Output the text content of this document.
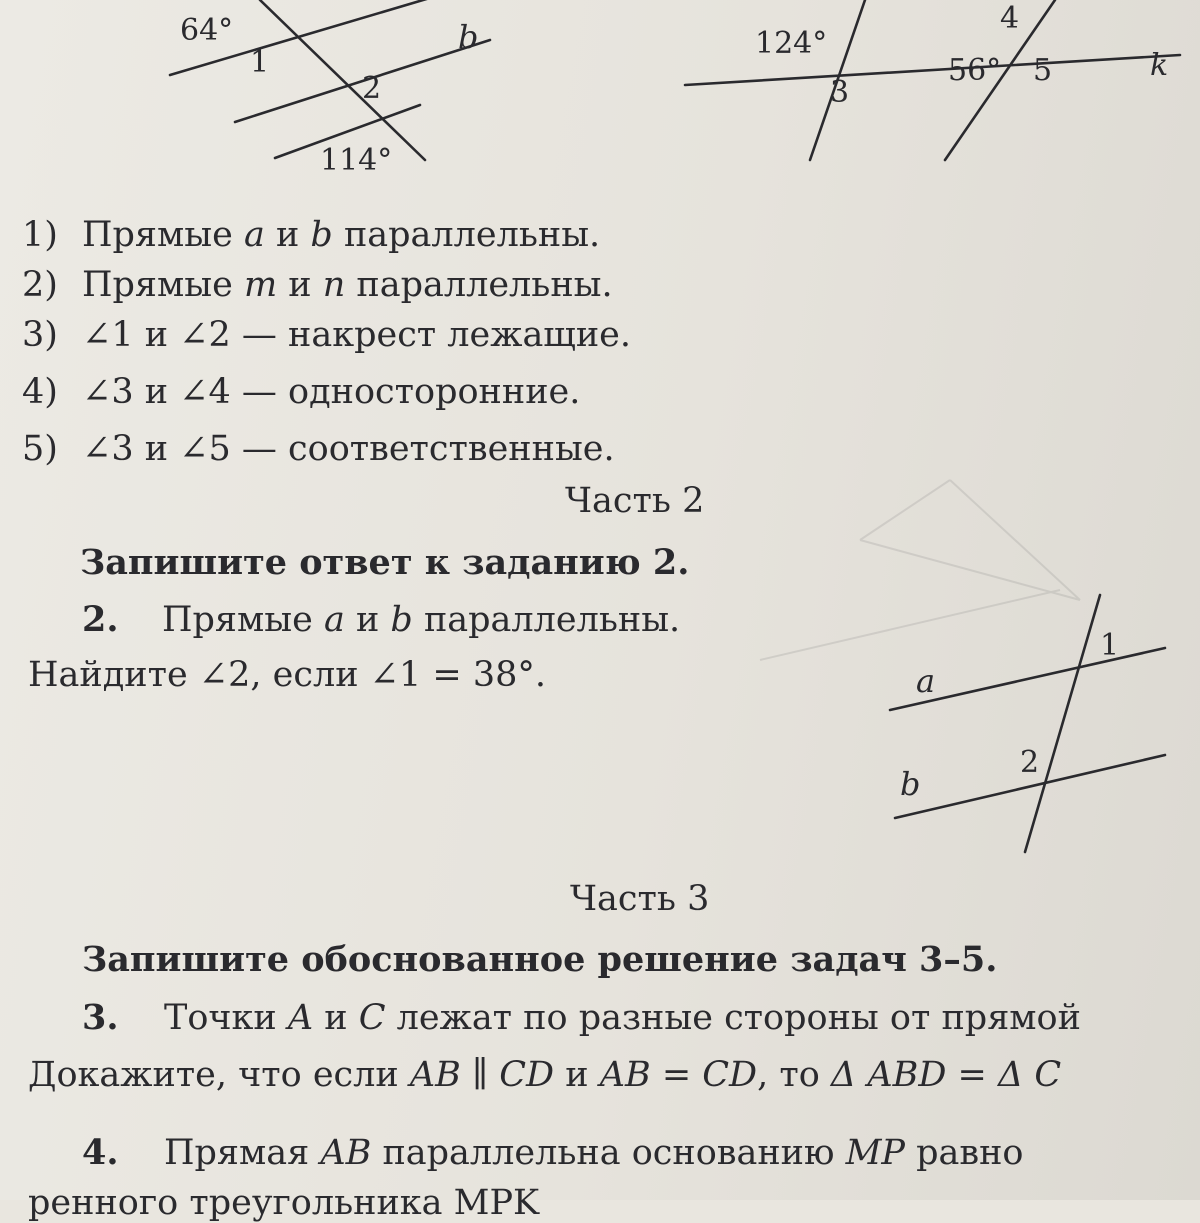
64°
1
b
2
114°
124°
3
4
56° 5	k
1) Прямые a и b параллельны.
2) Прямые m и n параллельны.
3) ∠1 и ∠2 — накрест лежащие.
4) ∠3 и ∠4 — односторонние.
5) ∠3 и ∠5 — соответственные.
Часть 2
Запишите ответ к заданию 2.
2. Прямые a и b параллельны.
Найдите ∠2, если ∠1 = 38°.	a
b
1
2
Часть 3
Запишите обоснованное решение задач 3–5.
3. Точки A и C лежат по разные стороны от прямой
Докажите, что если AB ∥ CD и AB = CD, то Δ ABD = Δ C
4. Прямая AB параллельна основанию MP равно
ренного треугольника MPK
